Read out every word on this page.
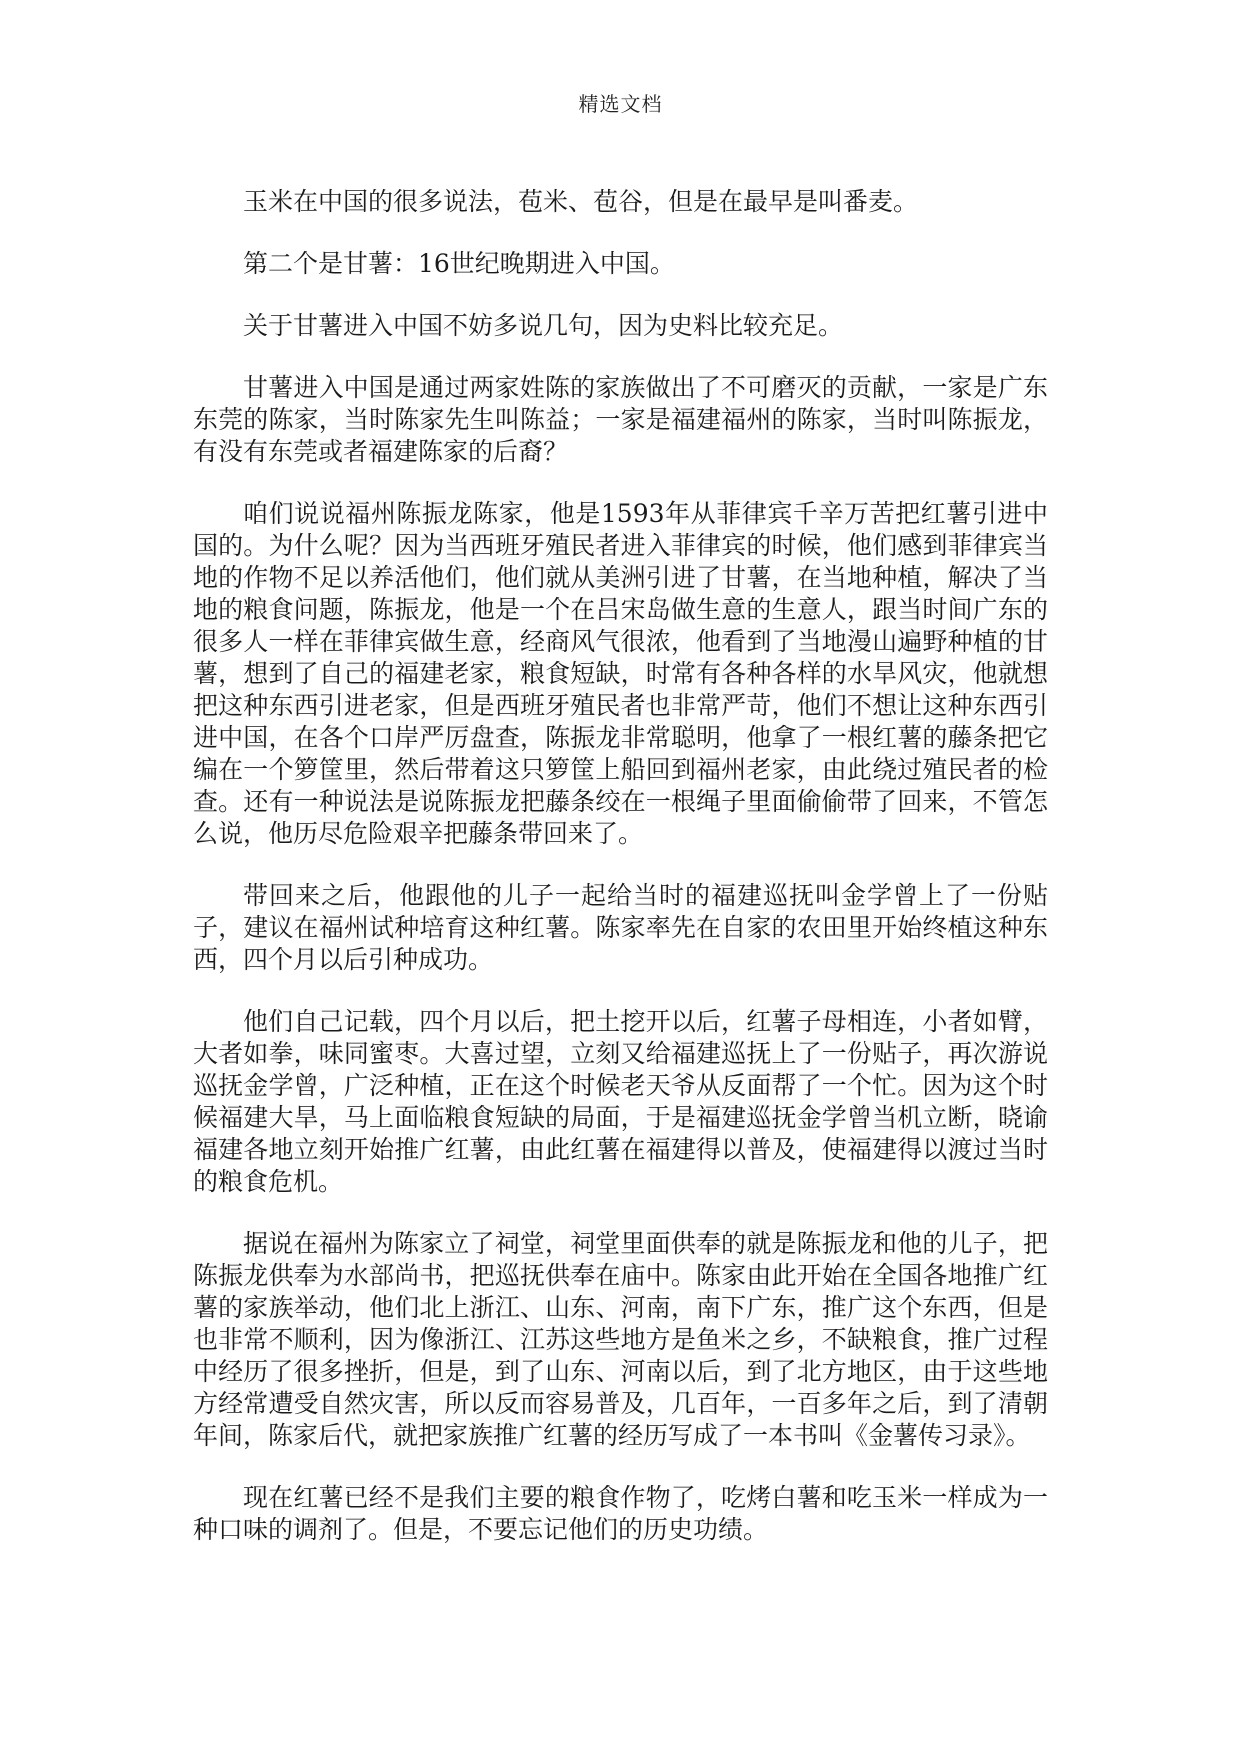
精选文档

玉米在中国的很多说法，苞米、苞谷，但是在最早是叫番麦。

第二个是甘薯：16世纪晚期进入中国。

关于甘薯进入中国不妨多说几句，因为史料比较充足。

甘薯进入中国是通过两家姓陈的家族做出了不可磨灭的贡献，一家是广东东莞的陈家，当时陈家先生叫陈益；一家是福建福州的陈家，当时叫陈振龙，有没有东莞或者福建陈家的后裔？

咱们说说福州陈振龙陈家，他是1593年从菲律宾千辛万苦把红薯引进中国的。为什么呢？因为当西班牙殖民者进入菲律宾的时候，他们感到菲律宾当地的作物不足以养活他们，他们就从美洲引进了甘薯，在当地种植，解决了当地的粮食问题，陈振龙，他是一个在吕宋岛做生意的生意人，跟当时间广东的很多人一样在菲律宾做生意，经商风气很浓，他看到了当地漫山遍野种植的甘薯，想到了自己的福建老家，粮食短缺，时常有各种各样的水旱风灾，他就想把这种东西引进老家，但是西班牙殖民者也非常严苛，他们不想让这种东西引进中国，在各个口岸严厉盘查，陈振龙非常聪明，他拿了一根红薯的藤条把它编在一个箩筐里，然后带着这只箩筐上船回到福州老家，由此绕过殖民者的检查。还有一种说法是说陈振龙把藤条绞在一根绳子里面偷偷带了回来，不管怎么说，他历尽危险艰辛把藤条带回来了。

带回来之后，他跟他的儿子一起给当时的福建巡抚叫金学曾上了一份贴子，建议在福州试种培育这种红薯。陈家率先在自家的农田里开始终植这种东西，四个月以后引种成功。

他们自己记载，四个月以后，把土挖开以后，红薯子母相连，小者如臂，大者如拳，味同蜜枣。大喜过望，立刻又给福建巡抚上了一份贴子，再次游说巡抚金学曾，广泛种植，正在这个时候老天爷从反面帮了一个忙。因为这个时候福建大旱，马上面临粮食短缺的局面，于是福建巡抚金学曾当机立断，晓谕福建各地立刻开始推广红薯，由此红薯在福建得以普及，使福建得以渡过当时的粮食危机。

据说在福州为陈家立了祠堂，祠堂里面供奉的就是陈振龙和他的儿子，把陈振龙供奉为水部尚书，把巡抚供奉在庙中。陈家由此开始在全国各地推广红薯的家族举动，他们北上浙江、山东、河南，南下广东，推广这个东西，但是也非常不顺利，因为像浙江、江苏这些地方是鱼米之乡，不缺粮食，推广过程中经历了很多挫折，但是，到了山东、河南以后，到了北方地区，由于这些地方经常遭受自然灾害，所以反而容易普及，几百年，一百多年之后，到了清朝年间，陈家后代，就把家族推广红薯的经历写成了一本书叫《金薯传习录》。

现在红薯已经不是我们主要的粮食作物了，吃烤白薯和吃玉米一样成为一种口味的调剂了。但是，不要忘记他们的历史功绩。
